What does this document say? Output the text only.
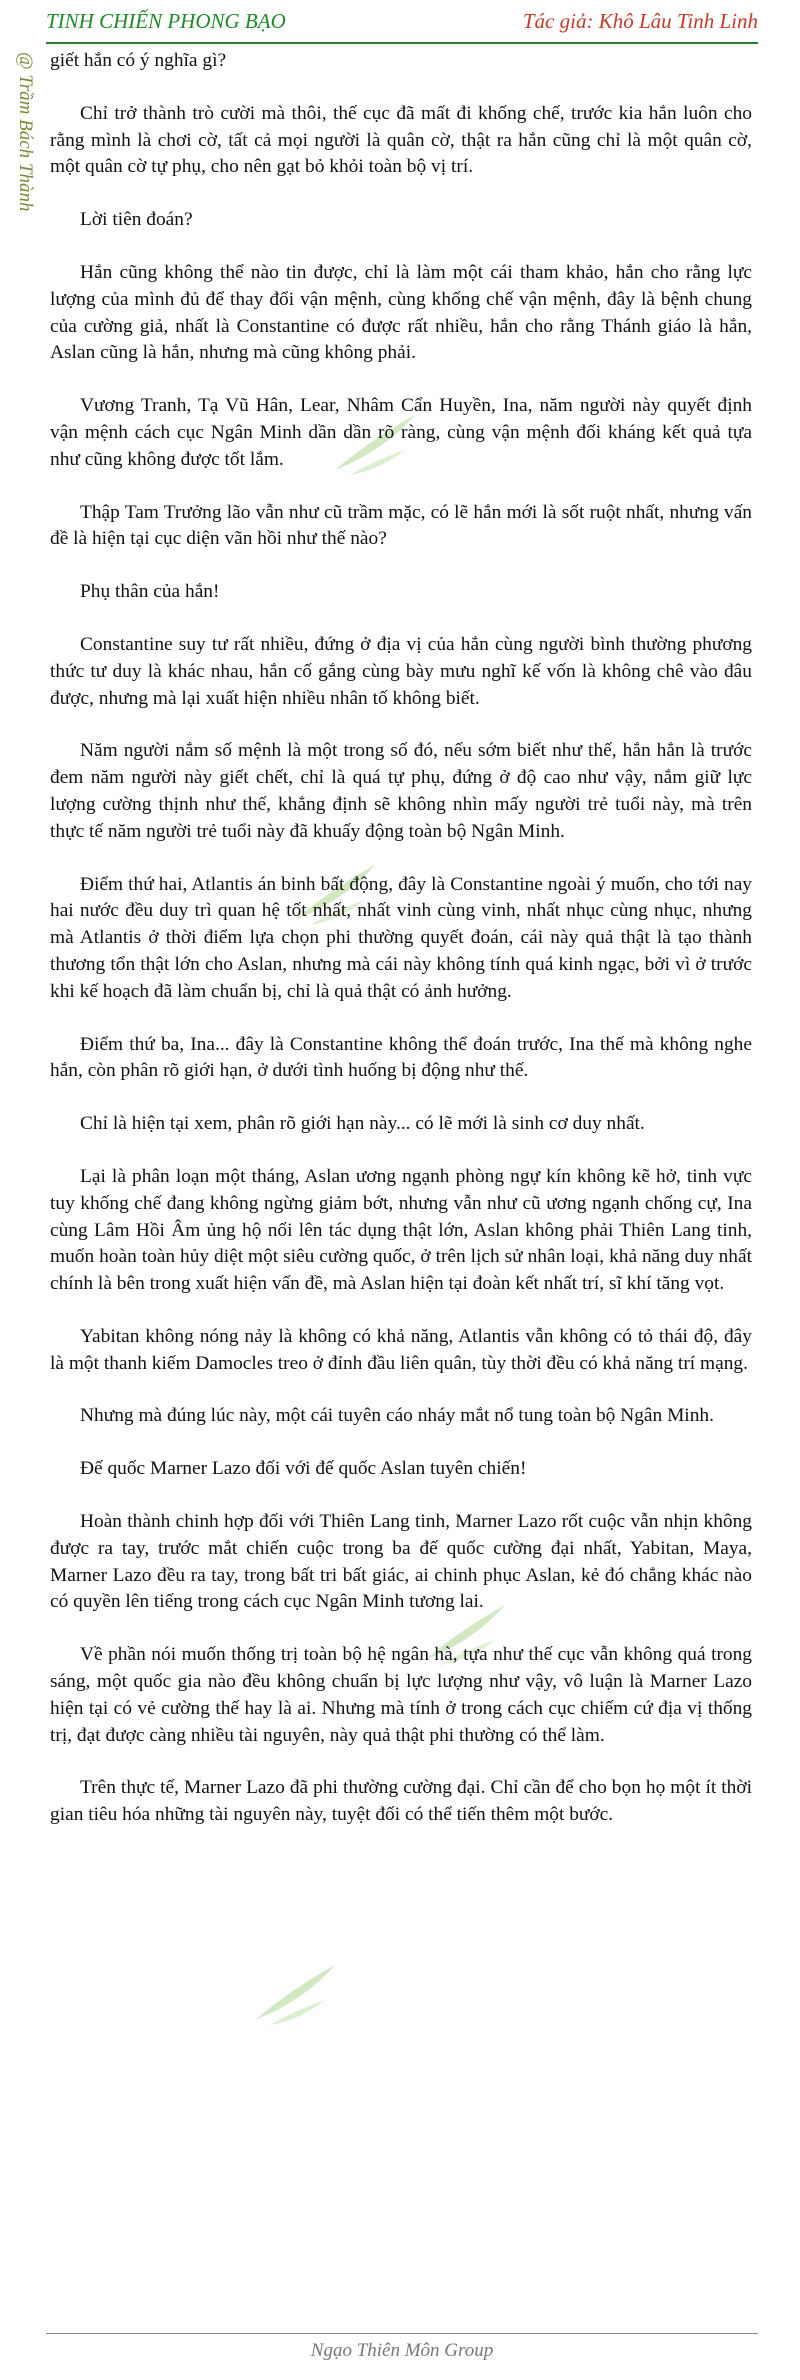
TINH CHIẾN PHONG BẠO	Tác giả: Khô Lâu Tinh Linh
@ Trầm Bách Thành giết hắn có ý nghĩa gì?

Chỉ trở thành trò cười mà thôi, thế cục đã mất đi khống chế, trước kia hắn luôn cho rằng mình là chơi cờ, tất cả mọi người là quân cờ, thật ra hắn cũng chỉ là một quân cờ, một quân cờ tự phụ, cho nên gạt bỏ khỏi toàn bộ vị trí.

Lời tiên đoán?

Hắn cũng không thể nào tin được, chỉ là làm một cái tham khảo, hắn cho rằng lực lượng của mình đủ để thay đổi vận mệnh, cùng khống chế vận mệnh, đây là bệnh chung của cường giả, nhất là Constantine có được rất nhiều, hắn cho rằng Thánh giáo là hắn, Aslan cũng là hắn, nhưng mà cũng không phải.

Vương Tranh, Tạ Vũ Hân, Lear, Nhâm Cẩn Huyền, Ina, năm người này quyết định vận mệnh cách cục Ngân Minh dần dần rõ ràng, cùng vận mệnh đối kháng kết quả tựa như cũng không được tốt lắm.

Thập Tam Trưởng lão vẫn như cũ trầm mặc, có lẽ hắn mới là sốt ruột nhất, nhưng vấn đề là hiện tại cục diện vãn hồi như thế nào?

Phụ thân của hắn!

Constantine suy tư rất nhiều, đứng ở địa vị của hắn cùng người bình thường phương thức tư duy là khác nhau, hắn cố gắng cùng bày mưu nghĩ kế vốn là không chê vào đâu được, nhưng mà lại xuất hiện nhiều nhân tố không biết.

Năm người nắm số mệnh là một trong số đó, nếu sớm biết như thế, hắn hẳn là trước đem năm người này giết chết, chỉ là quá tự phụ, đứng ở độ cao như vậy, nắm giữ lực lượng cường thịnh như thế, khẳng định sẽ không nhìn mấy người trẻ tuổi này, mà trên thực tế năm người trẻ tuổi này đã khuấy động toàn bộ Ngân Minh.

Điểm thứ hai, Atlantis án binh bất động, đây là Constantine ngoài ý muốn, cho tới nay hai nước đều duy trì quan hệ tốt nhất, nhất vinh cùng vinh, nhất nhục cùng nhục, nhưng mà Atlantis ở thời điểm lựa chọn phi thường quyết đoán, cái này quả thật là tạo thành thương tổn thật lớn cho Aslan, nhưng mà cái này không tính quá kinh ngạc, bởi vì ở trước khi kế hoạch đã làm chuẩn bị, chỉ là quả thật có ảnh hưởng.

Điểm thứ ba, Ina... đây là Constantine không thể đoán trước, Ina thế mà không nghe hắn, còn phân rõ giới hạn, ở dưới tình huống bị động như thế.

Chỉ là hiện tại xem, phân rõ giới hạn này... có lẽ mới là sinh cơ duy nhất.

Lại là phân loạn một tháng, Aslan ương ngạnh phòng ngự kín không kẽ hở, tinh vực tuy khống chế đang không ngừng giảm bớt, nhưng vẫn như cũ ương ngạnh chống cự, Ina cùng Lâm Hồi Âm ủng hộ nổi lên tác dụng thật lớn, Aslan không phải Thiên Lang tinh, muốn hoàn toàn hủy diệt một siêu cường quốc, ở trên lịch sử nhân loại, khả năng duy nhất chính là bên trong xuất hiện vấn đề, mà Aslan hiện tại đoàn kết nhất trí, sĩ khí tăng vọt.

Yabitan không nóng nảy là không có khả năng, Atlantis vẫn không có tỏ thái độ, đây là một thanh kiếm Damocles treo ở đỉnh đầu liên quân, tùy thời đều có khả năng trí mạng.

Nhưng mà đúng lúc này, một cái tuyên cáo nháy mắt nổ tung toàn bộ Ngân Minh.

Đế quốc Marner Lazo đối với đế quốc Aslan tuyên chiến!

Hoàn thành chinh hợp đối với Thiên Lang tinh, Marner Lazo rốt cuộc vẫn nhịn không được ra tay, trước mắt chiến cuộc trong ba đế quốc cường đại nhất, Yabitan, Maya, Marner Lazo đều ra tay, trong bất tri bất giác, ai chinh phục Aslan, kẻ đó chẳng khác nào có quyền lên tiếng trong cách cục Ngân Minh tương lai.

Về phần nói muốn thống trị toàn bộ hệ ngân hà, tựa như thế cục vẫn không quá trong sáng, một quốc gia nào đều không chuẩn bị lực lượng như vậy, vô luận là Marner Lazo hiện tại có vẻ cường thế hay là ai. Nhưng mà tính ở trong cách cục chiếm cứ địa vị thống trị, đạt được càng nhiều tài nguyên, này quả thật phi thường có thể làm.

Trên thực tế, Marner Lazo đã phi thường cường đại. Chỉ cần để cho bọn họ một ít thời gian tiêu hóa những tài nguyên này, tuyệt đối có thể tiến thêm một bước.

Ngạo Thiên Môn Group
